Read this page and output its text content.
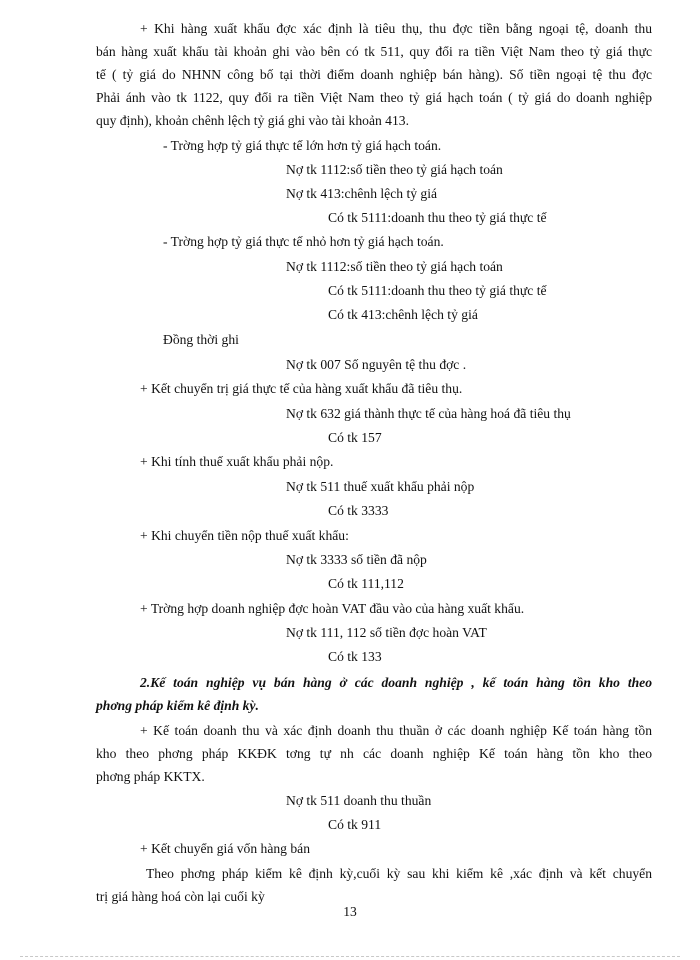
+ Khi hàng xuất khẩu đợc xác định là tiêu thụ, thu đợc tiền bằng ngoại tệ, doanh thu
bán hàng xuất khẩu tài khoản ghi vào bên có tk 511, quy đổi ra tiền Việt Nam theo tỷ giá thực
tế ( tỷ giá do NHNN công bố tại thời điểm doanh nghiệp bán hàng). Số tiền ngoại tệ thu đợc
Phải ánh vào tk 1122, quy đổi ra tiền Việt Nam theo tỷ giá hạch toán ( tỷ giá do doanh nghiệp
quy định), khoản chênh lệch tỷ giá ghi vào tài khoản 413.
- Trờng hợp tỷ giá thực tế lớn hơn tỷ giá hạch toán.
Nợ tk 1112:số tiền theo tỷ giá hạch toán
Nợ tk 413:chênh lệch tỷ giá
Có tk 5111:doanh thu theo tỷ giá thực tế
- Trờng hợp tỷ giá thực tế nhỏ hơn tỷ giá hạch toán.
Nợ tk 1112:số tiền theo tỷ giá hạch toán
Có tk 5111:doanh thu theo tỷ giá thực tế
Có tk 413:chênh lệch tỷ giá
Đồng thời ghi
Nợ tk 007 Số nguyên tệ thu đợc .
+ Kết chuyển trị giá thực tế của hàng xuất khẩu đã tiêu thụ.
Nợ tk 632 giá thành thực tế của hàng hoá đã tiêu thụ
Có tk 157
+ Khi tính thuế xuất khẩu phải nộp.
Nợ tk 511 thuế xuất khẩu phải nộp
Có tk 3333
+ Khi chuyển tiền nộp thuế xuất khẩu:
Nợ tk 3333 số tiền đã nộp
Có tk 111,112
+ Trờng hợp doanh nghiệp đợc hoàn VAT đầu vào của hàng xuất khẩu.
Nợ tk 111, 112 số tiền đợc hoàn VAT
Có tk 133
2.Kế toán nghiệp vụ bán hàng ở các doanh nghiệp , kế toán hàng tồn kho theo
phơng pháp kiểm kê định kỳ.
+ Kế toán doanh thu và xác định doanh thu thuần ở các doanh nghiệp Kế toán hàng tồn
kho theo phơng pháp KKĐK tơng tự nh các doanh nghiệp Kế toán hàng tồn kho theo
phơng pháp KKTX.
Nợ tk 511 doanh thu thuần
Có tk 911
+ Kết chuyển giá vốn hàng bán
Theo phơng pháp kiểm kê định kỳ,cuối kỳ sau khi kiểm kê ,xác định và kết chuyển
trị giá hàng hoá còn lại cuối kỳ
13
